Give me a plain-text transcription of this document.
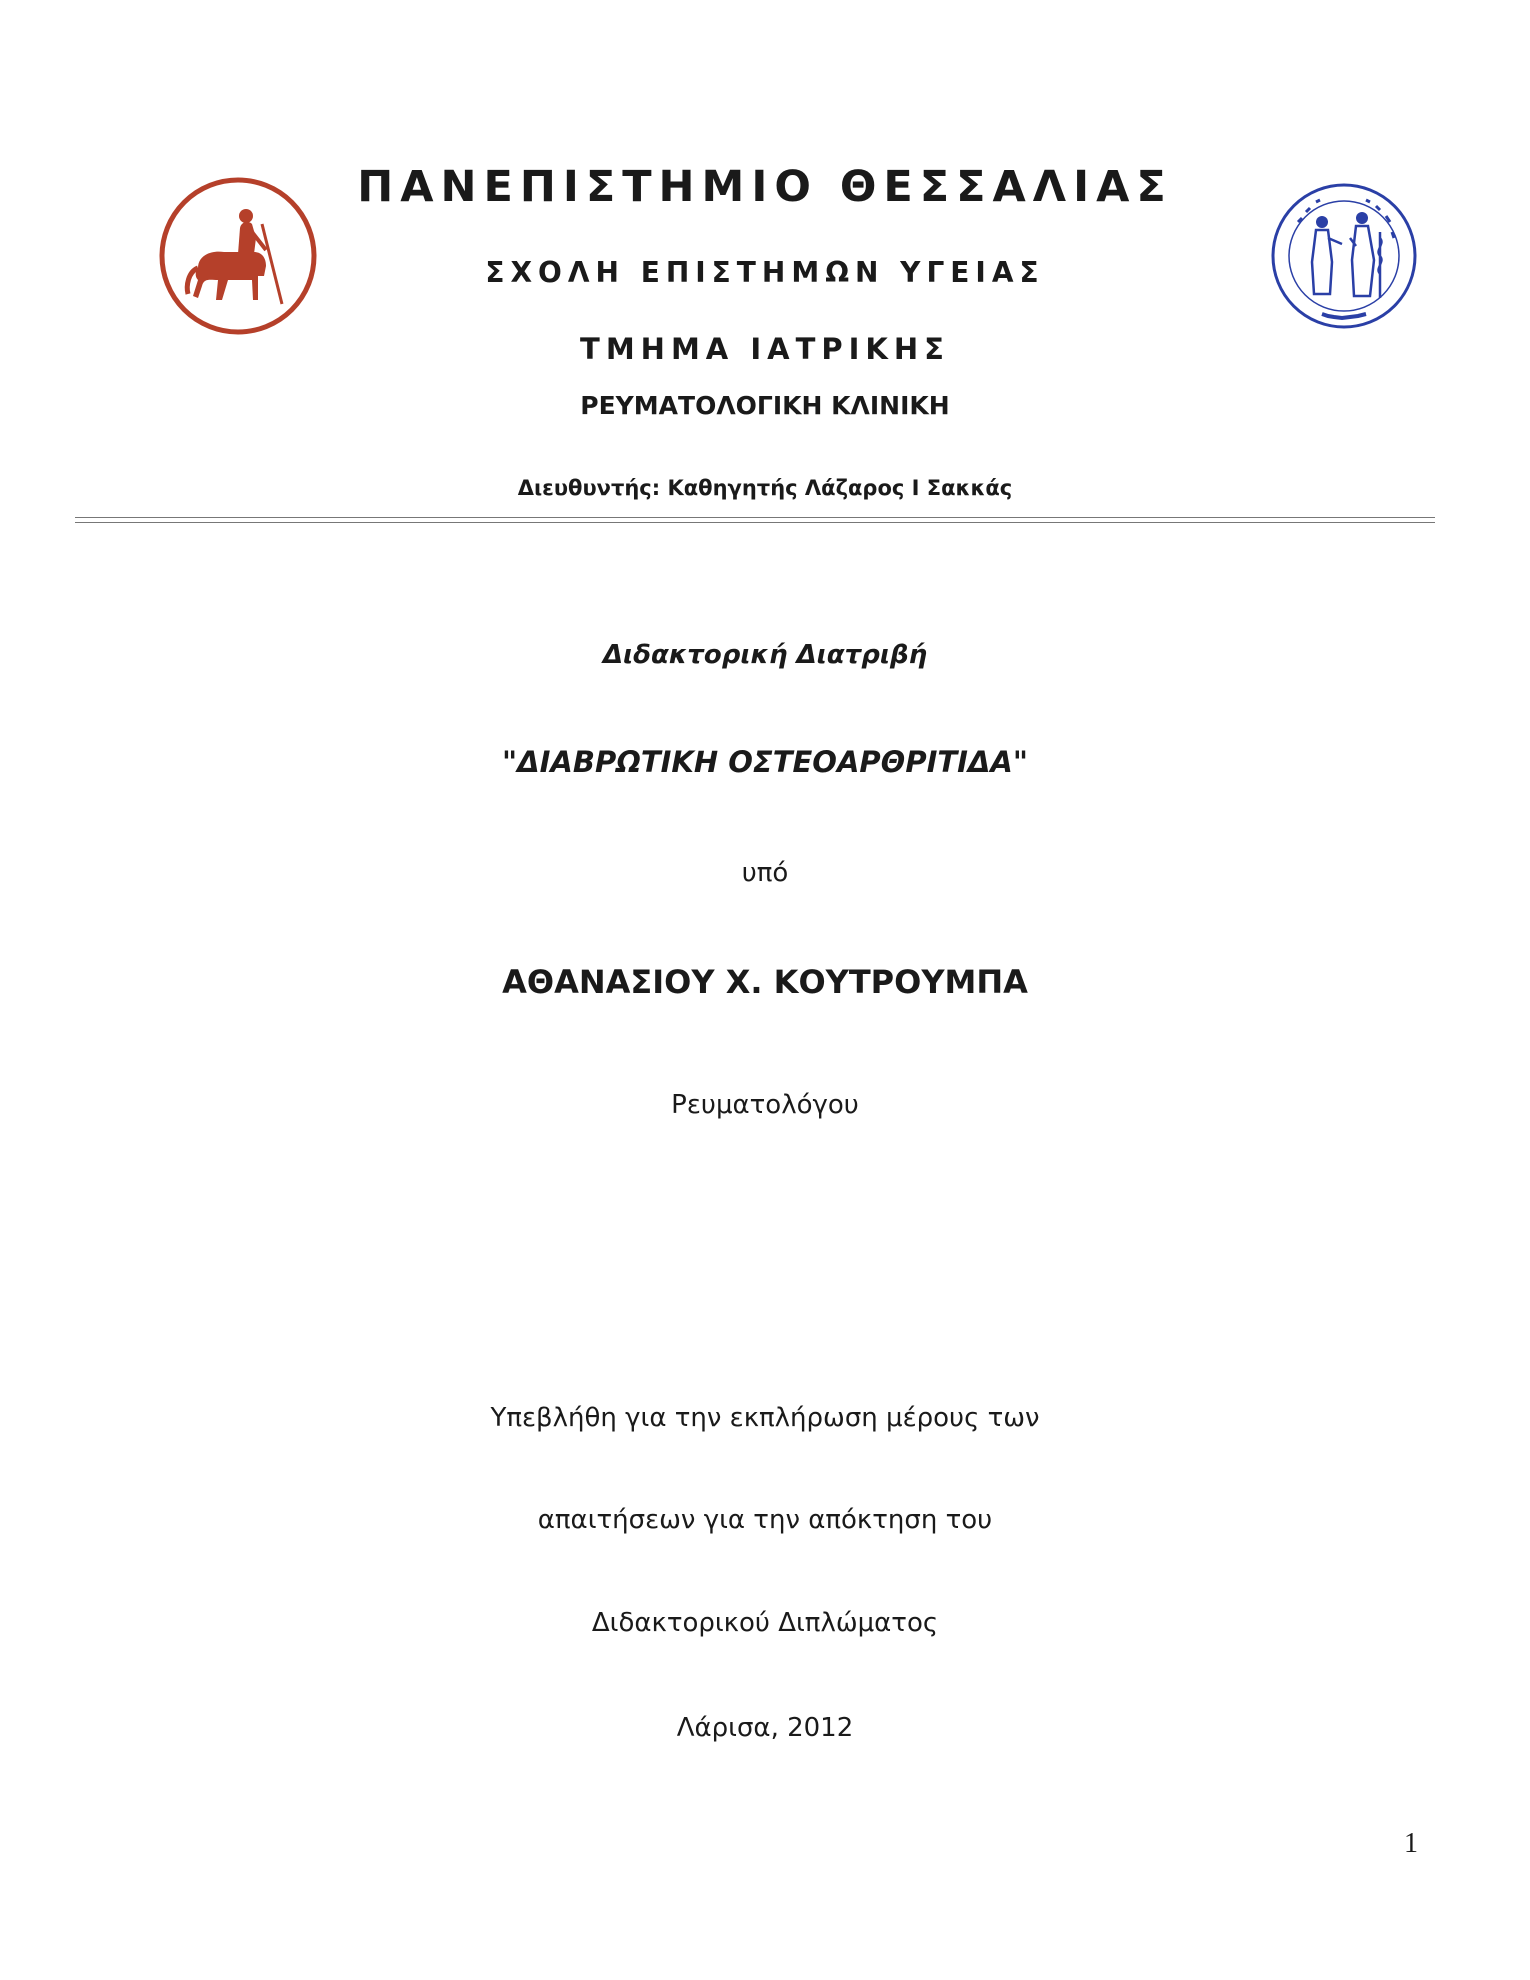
ΠΑΝΕΠΙΣΤΗΜΙΟ ΘΕΣΣΑΛΙΑΣ
ΣΧΟΛΗ ΕΠΙΣΤΗΜΩΝ ΥΓΕΙΑΣ
ΤΜΗΜΑ ΙΑΤΡΙΚΗΣ
ΡΕΥΜΑΤΟΛΟΓΙΚΗ ΚΛΙΝΙΚΗ
Διευθυντής: Καθηγητής Λάζαρος Ι Σακκάς
Διδακτορική Διατριβή
"ΔΙΑΒΡΩΤΙΚΗ ΟΣΤΕΟΑΡΘΡΙΤΙΔΑ"
υπό
ΑΘΑΝΑΣΙΟΥ Χ. ΚΟΥΤΡΟΥΜΠΑ
Ρευματολόγου
Υπεβλήθη για την εκπλήρωση μέρους των
απαιτήσεων για την απόκτηση του
Διδακτορικού Διπλώματος
Λάρισα, 2012
1
